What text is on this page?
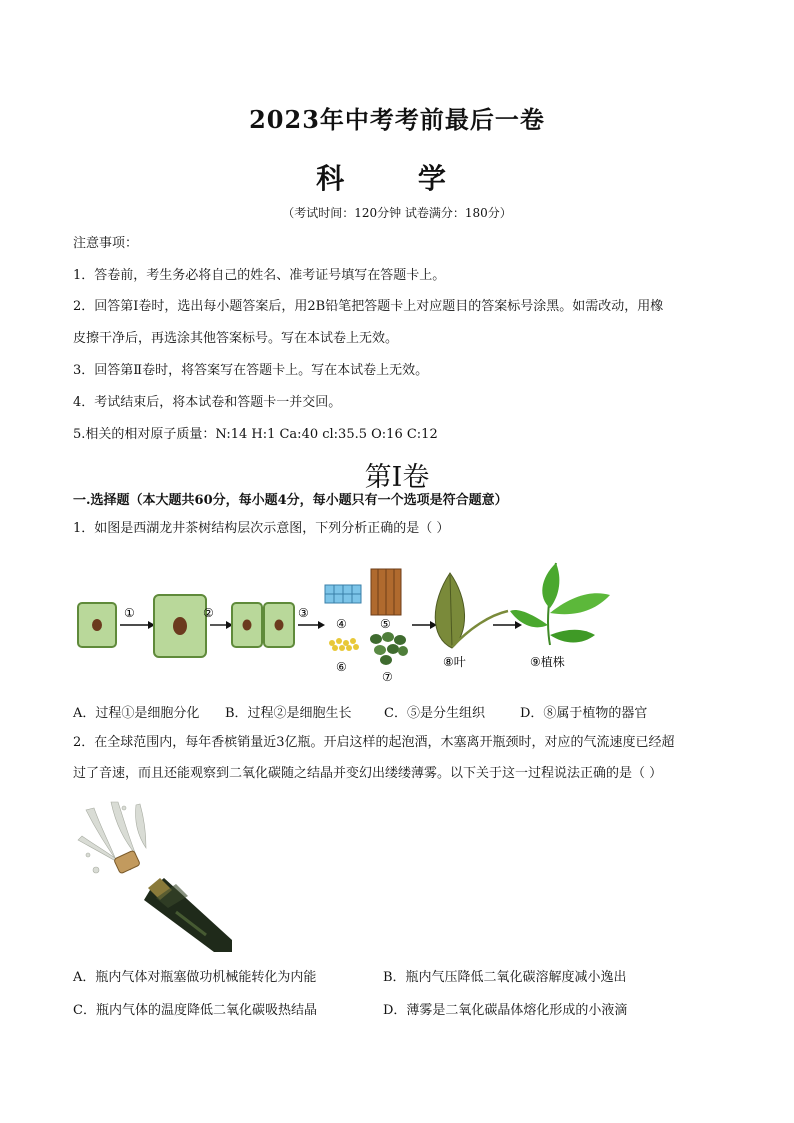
2023年中考考前最后一卷
科 学
（考试时间：120分钟 试卷满分：180分）
注意事项：
1．答卷前，考生务必将自己的姓名、准考证号填写在答题卡上。
2．回答第Ⅰ卷时，选出每小题答案后，用2B铅笔把答题卡上对应题目的答案标号涂黑。如需改动，用橡
皮擦干净后，再选涂其他答案标号。写在本试卷上无效。
3．回答第Ⅱ卷时，将答案写在答题卡上。写在本试卷上无效。
4．考试结束后，将本试卷和答题卡一并交回。
5.相关的相对原子质量：N:14 H:1 Ca:40 cl:35.5 O:16 C:12
第Ⅰ卷
一.选择题（本大题共60分，每小题4分，每小题只有一个选项是符合题意）
1．如图是西湖龙井茶树结构层次示意图，下列分析正确的是（ ）
①	②	③
④	⑤
⑥
⑦
⑧叶	⑨植株
A．过程①是细胞分化 B．过程②是细胞生长 C．⑤是分生组织	D．⑧属于植物的器官
2．在全球范围内，每年香槟销量近3亿瓶。开启这样的起泡酒，木塞离开瓶颈时，对应的气流速度已经超
过了音速，而且还能观察到二氧化碳随之结晶并变幻出缕缕薄雾。以下关于这一过程说法正确的是（ ）
A．瓶内气体对瓶塞做功机械能转化为内能	B．瓶内气压降低二氧化碳溶解度减小逸出
C．瓶内气体的温度降低二氧化碳吸热结晶	D．薄雾是二氧化碳晶体熔化形成的小液滴
